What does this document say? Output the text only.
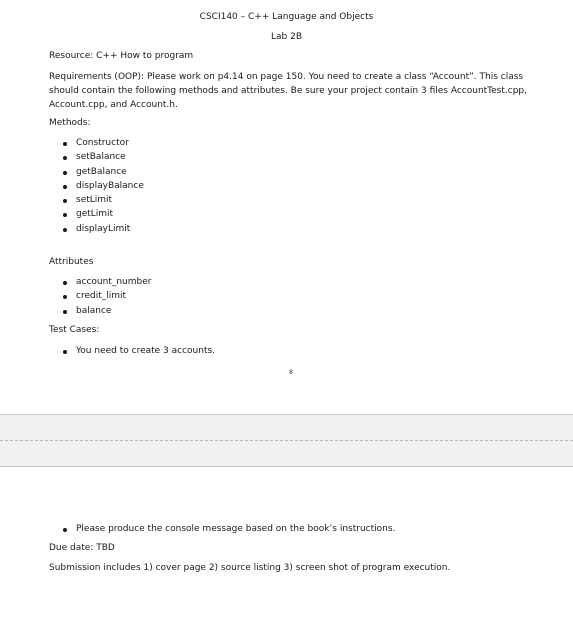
CSCI140 – C++ Language and Objects
Lab 2B
Resource: C++ How to program
Requirements (OOP): Please work on p4.14 on page 150. You need to create a class “Account”. This class should contain the following methods and attributes. Be sure your project contain 3 files AccountTest.cpp, Account.cpp, and Account.h.
Methods:
Constructor
setBalance
getBalance
displayBalance
setLimit
getLimit
displayLimit
Attributes
account_number
credit_limit
balance
Test Cases:
You need to create 3 accounts.
8
Please produce the console message based on the book’s instructions.
Due date: TBD
Submission includes 1) cover page 2) source listing 3) screen shot of program execution.
